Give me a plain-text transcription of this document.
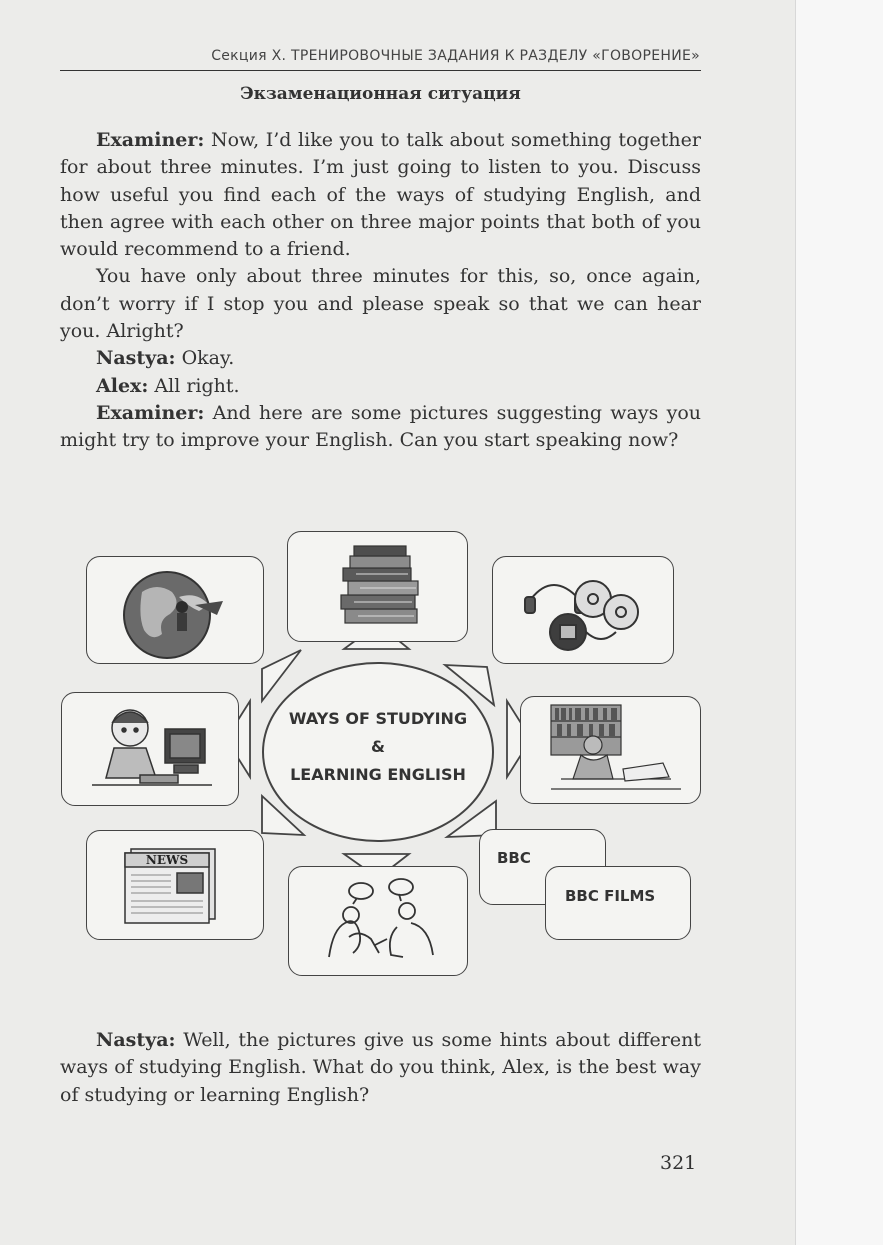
Секция X. ТРЕНИРОВОЧНЫЕ ЗАДАНИЯ К РАЗДЕЛУ «ГОВОРЕНИЕ»
Экзаменационная ситуация

Examiner: Now, I’d like you to talk about something together for about three minutes. I’m just going to listen to you. Discuss how useful you find each of the ways of studying English, and then agree with each other on three major points that both of you would recommend to a friend.

You have only about three minutes for this, so, once again, don’t worry if I stop you and please speak so that we can hear you. Alright?

Nastya: Okay.

Alex: All right.

Examiner: And here are some pictures suggesting ways you might try to improve your English. Can you start speaking now?

NEWS	BBC
BBC FILMS
WAYS OF STUDYING
&
LEARNING ENGLISH

Nastya: Well, the pictures give us some hints about different ways of studying English. What do you think, Alex, is the best way of studying or learning English?

321
